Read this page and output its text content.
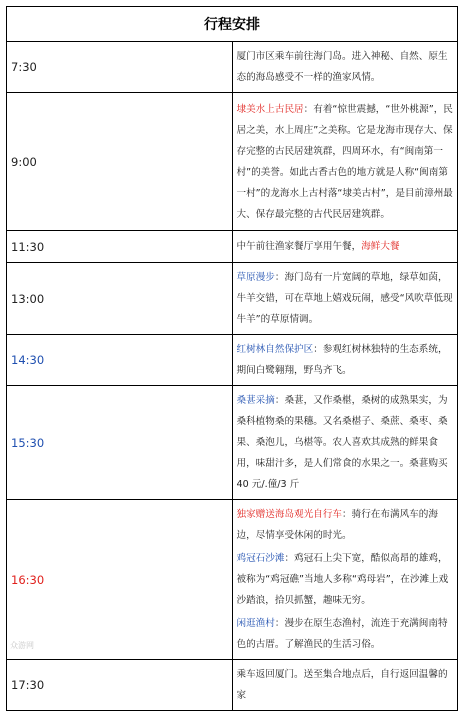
行程安排	
7:30	厦门市区乘车前往海门岛。进入神秘、自然、原生态的海岛感受不一样的渔家风情。
9:00	埭美水上古民居：有着“惊世震撼，“世外桃源”，民居之美，水上周庄”之美称。它是龙海市现存大、保存完整的古民居建筑群，四周环水，有“闽南第一村”的美誉。如此古香古色的地方就是人称“闽南第一村”的龙海水上古村落“埭美古村”，是目前漳州最大、保存最完整的古代民居建筑群。
11:30	中午前往渔家餐厅享用午餐，海鲜大餐
13:00	草原漫步：海门岛有一片宽阔的草地，绿草如茵，牛羊交错，可在草地上嬉戏玩闹，感受“风吹草低现牛羊”的草原情调。
14:30	红树林自然保护区：参观红树林独特的生态系统，期间白鹭翱翔，野鸟齐飞。
15:30	桑葚采摘：桑葚，又作桑椹，桑树的成熟果实，为桑科植物桑的果穗。又名桑椹子、桑蔗、桑枣、桑果、桑泡儿，乌椹等。农人喜欢其成熟的鲜果食用，味甜汁多，是人们常食的水果之一。桑葚购买 40 元/.僮/3 斤
16:30	独家赠送海岛观光自行车：骑行在布满风车的海边，尽情享受休闲的时光。
鸡冠石沙滩：鸡冠石上尖下宽，酷似高昂的雄鸡，被称为“鸡冠礁”当地人多称“鸡母岩”，在沙滩上戏沙踏浪，拾贝抓蟹，趣味无穷。
闲逛渔村：漫步在原生态渔村，流连于充满闽南特色的古厝。了解渔民的生活习俗。

17:30	乘车返回厦门。送至集合地点后，自行返回温馨的家
众游网
